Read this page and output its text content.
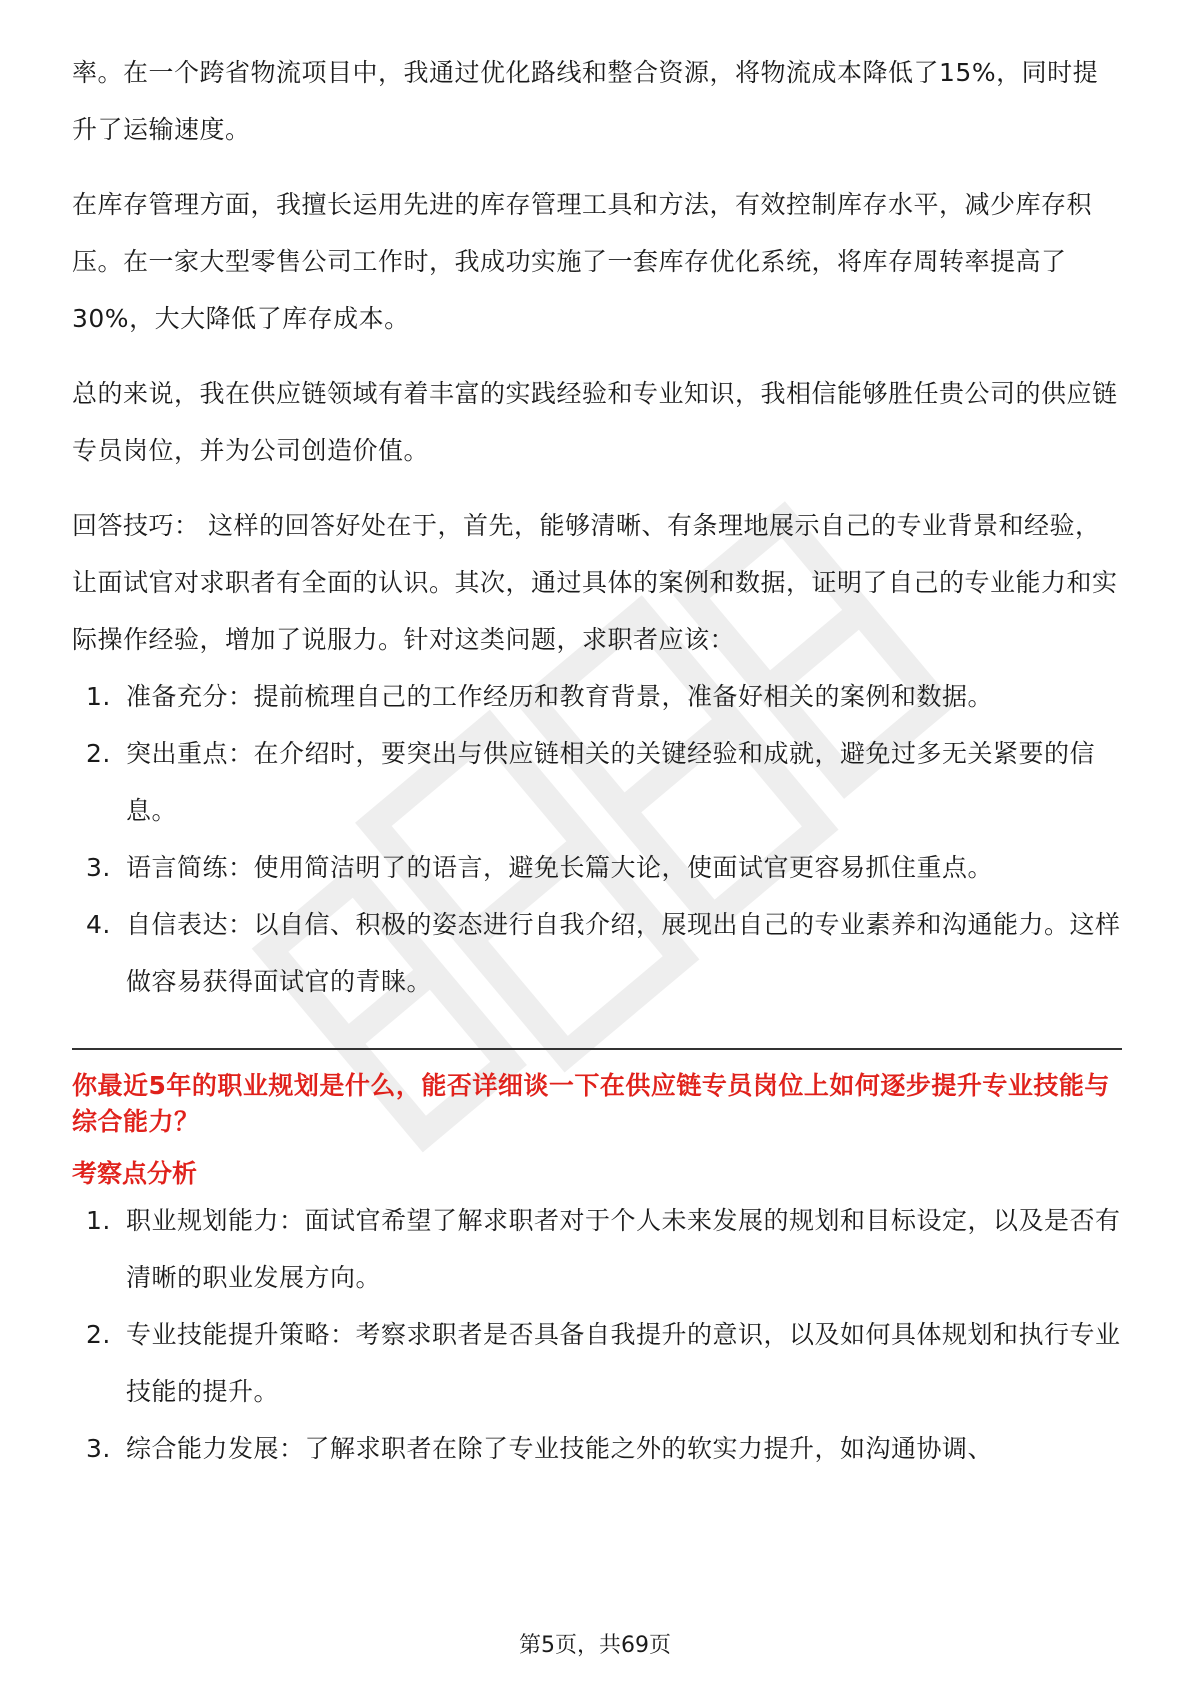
率。在一个跨省物流项目中，我通过优化路线和整合资源，将物流成本降低了15%，同时提升了运输速度。

在库存管理方面，我擅长运用先进的库存管理工具和方法，有效控制库存水平，减少库存积压。在一家大型零售公司工作时，我成功实施了一套库存优化系统，将库存周转率提高了30%，大大降低了库存成本。

总的来说，我在供应链领域有着丰富的实践经验和专业知识，我相信能够胜任贵公司的供应链专员岗位，并为公司创造价值。

回答技巧： 这样的回答好处在于，首先，能够清晰、有条理地展示自己的专业背景和经验，让面试官对求职者有全面的认识。其次，通过具体的案例和数据，证明了自己的专业能力和实际操作经验，增加了说服力。针对这类问题，求职者应该：

1. 准备充分：提前梳理自己的工作经历和教育背景，准备好相关的案例和数据。
2. 突出重点：在介绍时，要突出与供应链相关的关键经验和成就，避免过多无关紧要的信息。
3. 语言简练：使用简洁明了的语言，避免长篇大论，使面试官更容易抓住重点。
4. 自信表达：以自信、积极的姿态进行自我介绍，展现出自己的专业素养和沟通能力。这样做容易获得面试官的青睐。

你最近5年的职业规划是什么，能否详细谈一下在供应链专员岗位上如何逐步提升专业技能与综合能力？

考察点分析

1. 职业规划能力：面试官希望了解求职者对于个人未来发展的规划和目标设定，以及是否有清晰的职业发展方向。
2. 专业技能提升策略：考察求职者是否具备自我提升的意识，以及如何具体规划和执行专业技能的提升。
3. 综合能力发展：了解求职者在除了专业技能之外的软实力提升，如沟通协调、
第5页，共69页
